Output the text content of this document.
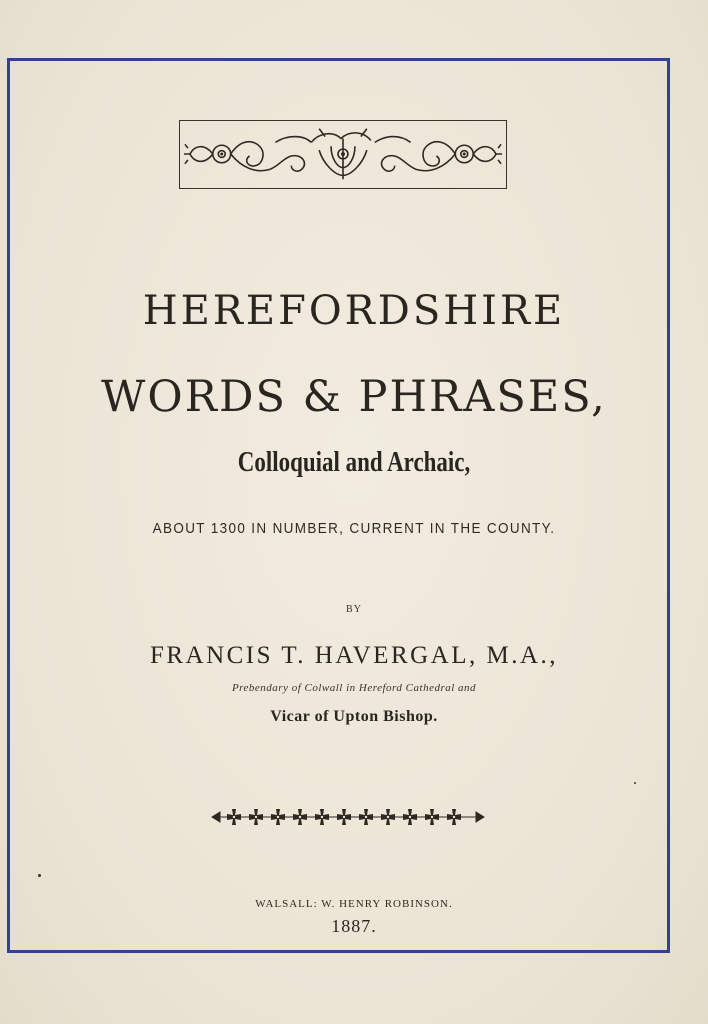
HEREFORDSHIRE
WORDS & PHRASES,
Colloquial and Archaic,
ABOUT 1300 IN NUMBER, CURRENT IN THE COUNTY.
BY
FRANCIS T. HAVERGAL, M.A.,
Prebendary of Colwall in Hereford Cathedral and
Vicar of Upton Bishop.
WALSALL: W. HENRY ROBINSON.
1887.
